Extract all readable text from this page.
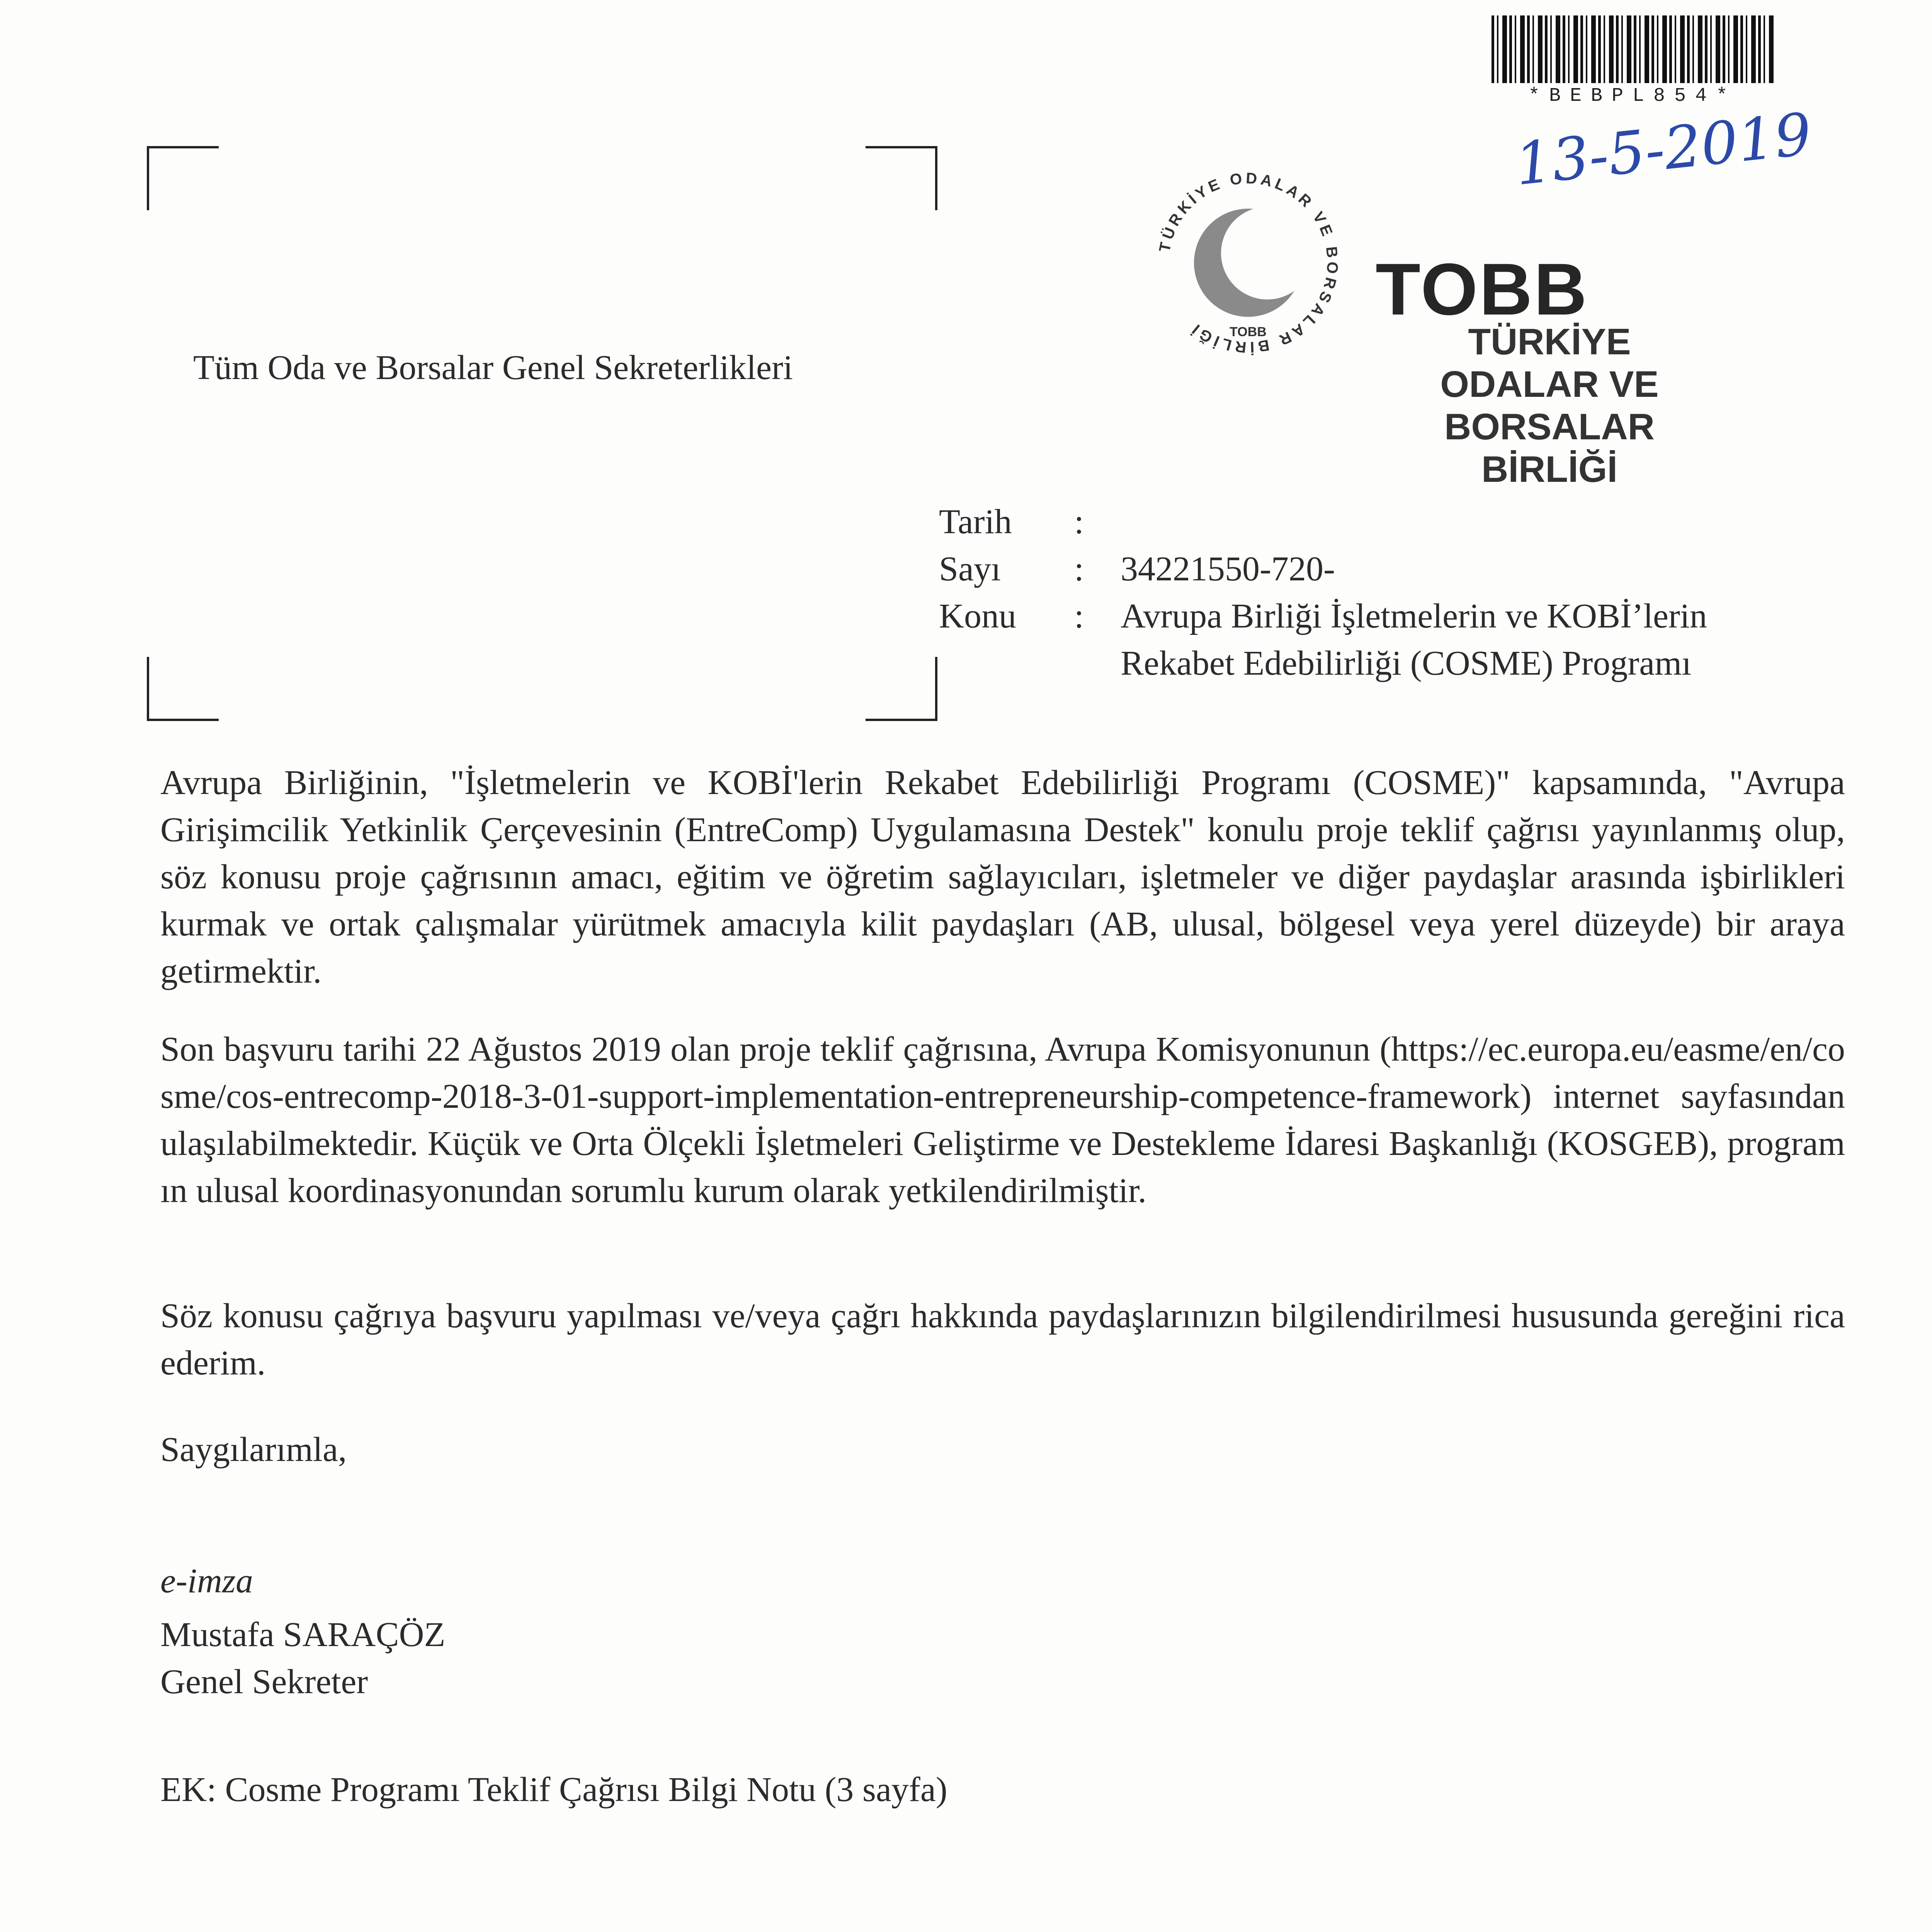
*BEBPL854*
13-5-2019
Tüm Oda ve Borsalar Genel Sekreterlikleri
TÜRKİYE ODALAR VE BORSALAR BİRLİĞİ	TOBB
TOBB
TÜRKİYE
ODALAR VE BORSALAR
BİRLİĞİ
Tarih :
Sayı : 34221550-720-
Konu : Avrupa Birliği İşletmelerin ve KOBİ’lerin
Rekabet Edebilirliği (COSME) Programı
Avrupa Birliğinin, "İşletmelerin ve KOBİ'lerin Rekabet Edebilirliği Programı (COSME)" kapsamında, "Avrupa Girişimcilik Yetkinlik Çerçevesinin (EntreComp) Uygulamasına Destek" konulu proje teklif çağrısı yayınlanmış olup, söz konusu proje çağrısının amacı, eğitim ve öğretim sağlayıcıları, işletmeler ve diğer paydaşlar arasında işbirlikleri kurmak ve ortak çalışmalar yürütmek amacıyla kilit paydaşları (AB, ulusal, bölgesel veya yerel düzeyde) bir araya getirmektir.
Son başvuru tarihi 22 Ağustos 2019 olan proje teklif çağrısına, Avrupa Komisyonunun (https://ec.europa.eu/easme/en/cosme/cos-entrecomp-2018-3-01-support-implementation-entrepreneurship-competence-framework) internet sayfasından ulaşılabilmektedir. Küçük ve Orta Ölçekli İşletmeleri Geliştirme ve Destekleme İdaresi Başkanlığı (KOSGEB), programın ulusal koordinasyonundan sorumlu kurum olarak yetkilendirilmiştir.
Söz konusu çağrıya başvuru yapılması ve/veya çağrı hakkında paydaşlarınızın bilgilendirilmesi hususunda gereğini rica ederim.
Saygılarımla,
e-imza
Mustafa SARAÇÖZ
Genel Sekreter
EK: Cosme Programı Teklif Çağrısı Bilgi Notu (3 sayfa)
